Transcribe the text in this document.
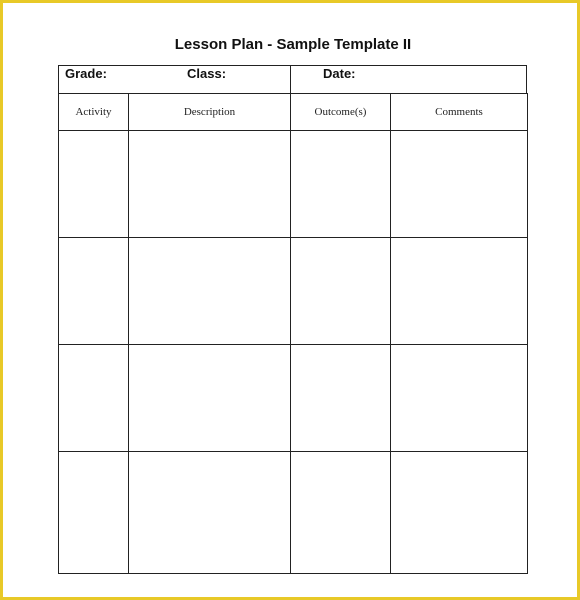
Lesson Plan - Sample Template II
Grade:	Class:	Date:
Activity	Description	Outcome(s)	Comments
